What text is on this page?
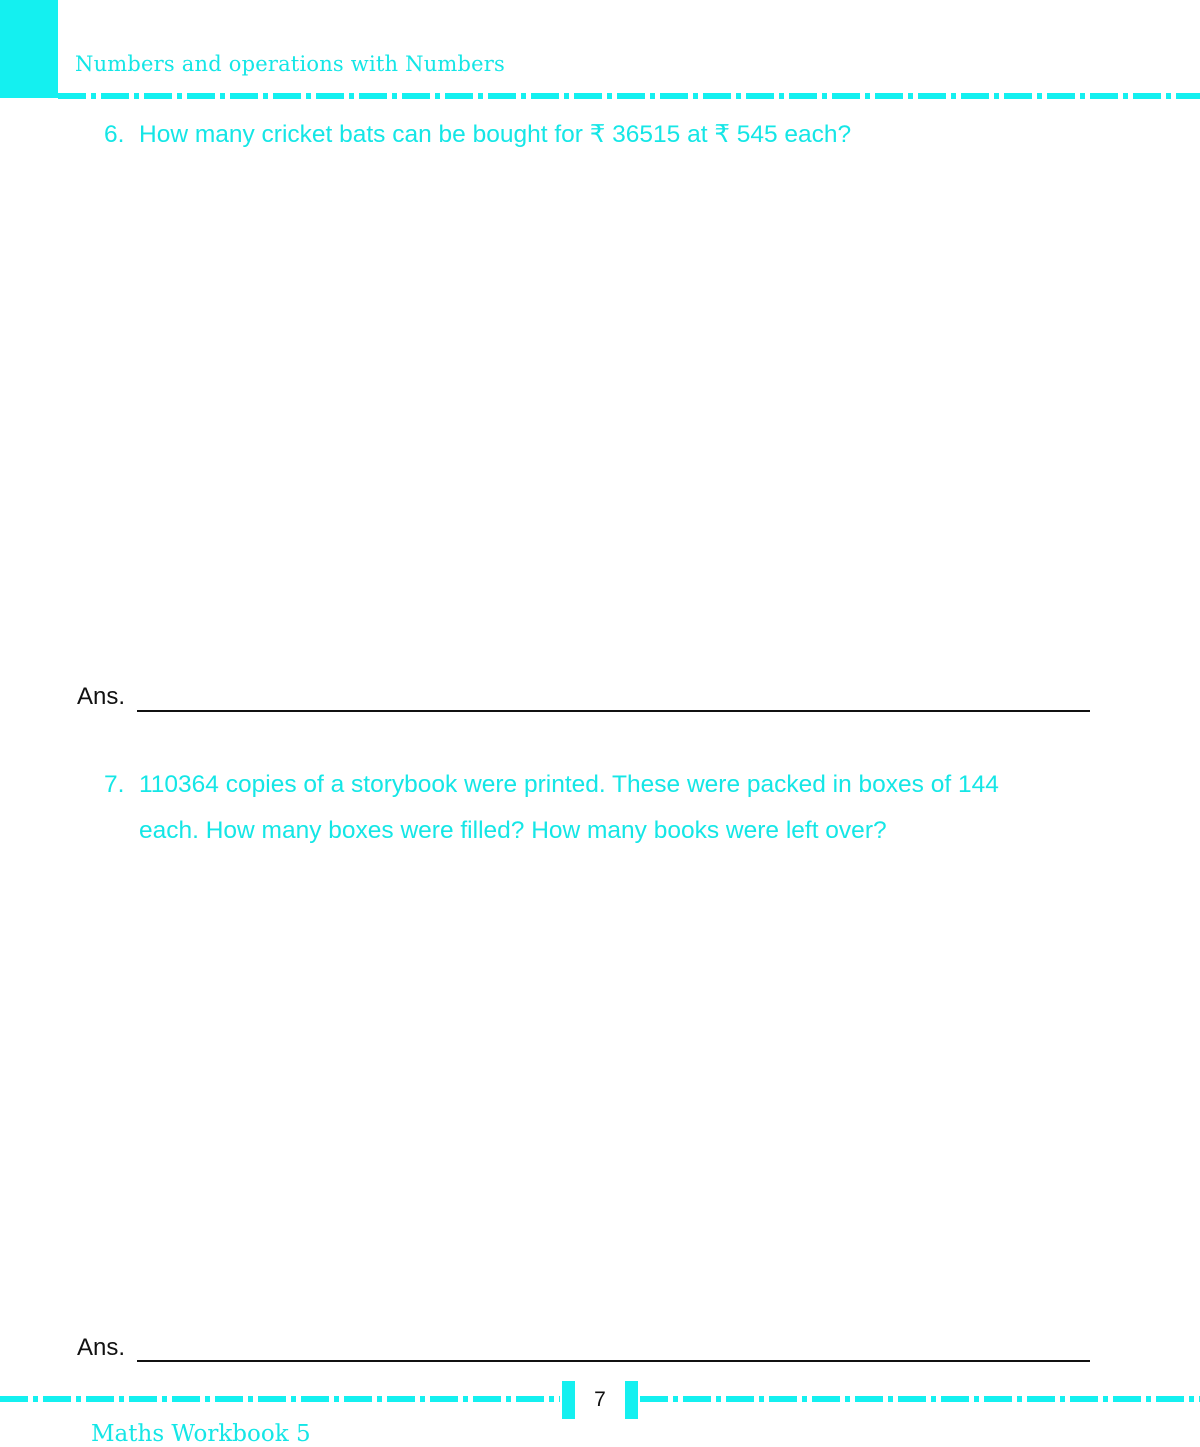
Numbers and operations with Numbers
6. How many cricket bats can be bought for ₹ 36515 at ₹ 545 each?
Ans.
7. 110364 copies of a storybook were printed. These were packed in boxes of 144
each. How many boxes were filled? How many books were left over?
Ans.
7
Maths Workbook 5
